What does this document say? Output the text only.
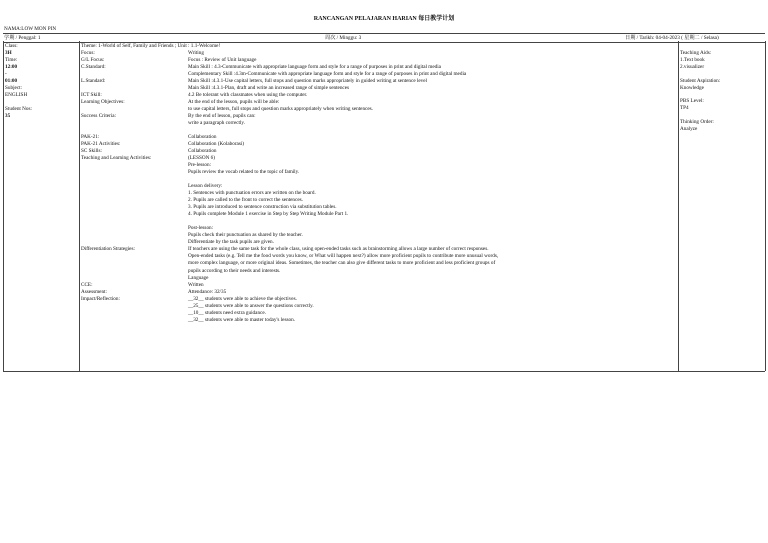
RANCANGAN PELAJARAN HARIAN 每日教学计划
NAMA:LOW MON PIN
学期 / Penggal: 1	周次 / Minggu: 3	日期 / Tarikh: 04-04-2023 ( 星期二 / Selasa)
Class:
3H
Time:
12:00
-
01:00
Subject:
ENGLISH
Student Nos:
35
Theme: 1-World of Self, Family and Friends ; Unit : 1.1-Welcome!
Focus:
G/L Focus:
C.Standard:

L.Standard:

ICT Skill:
Learning Objectives:

Success Criteria:

PAK-21:
PAK-21 Activities:
SC Skills:
Teaching and Learning Activities:

Differentiation Strategies:

CCE:
Assessment:
Impact/Reflection:

Writing
Focus : Review of Unit language
Main Skill : 4.3-Communicate with appropriate language form and style for a range of purposes in print and digital media
Complementary Skill :4.3m-Communicate with appropriate language form and style for a range of purposes in print and digital media
Main Skill :4.3.1-Use capital letters, full stops and question marks appropriately in guided writing at sentence level
Main Skill :4.3.1-Plan, draft and write an increased range of simple sentences
4.2 Be tolerant with classmates when using the computer.
At the end of the lesson, pupils will be able:
to use capital letters, full stops and question marks appropriately when writing sentences.
By the end of lesson, pupils can:
write a paragraph correctly.

Collaboration
Collaboration (Kolaborasi)
Collaboration
(LESSON 6)
Pre-lesson:
Pupils review the vocab related to the topic of family.

Lesson delivery:
1. Sentences with punctuation errors are written on the board.
2. Pupils are called to the front to correct the sentences.
3. Pupils are introduced to sentence construction via substitution tables.
4. Pupils complete Module 1 exercise in Step by Step Writing Module Part 1.

Post-lesson:
Pupils check their punctuation as shared by the teacher.
Differentiate by the task pupils are given.
If teachers are using the same task for the whole class, using open-ended tasks such as brainstorming allows a large number of correct responses.
Open-ended tasks (e.g. Tell me the food words you know, or What will happen next?) allow more proficient pupils to contribute more unusual words,
more complex language, or more original ideas. Sometimes, the teacher can also give different tasks to more proficient and less proficient groups of
pupils according to their needs and interests.
Language
Written
Attendance: 32/35
__32__ students were able to achieve the objectives.
__25__ students were able to answer the questions correctly.
__10__ students need extra guidance.
__32__ students were able to master today's lesson.
Teaching Aids:
1.Text book
2.visualizer
Student Aspiration:
Knowledge
PBS Level:
TP4
Thinking Order:
Analyze
